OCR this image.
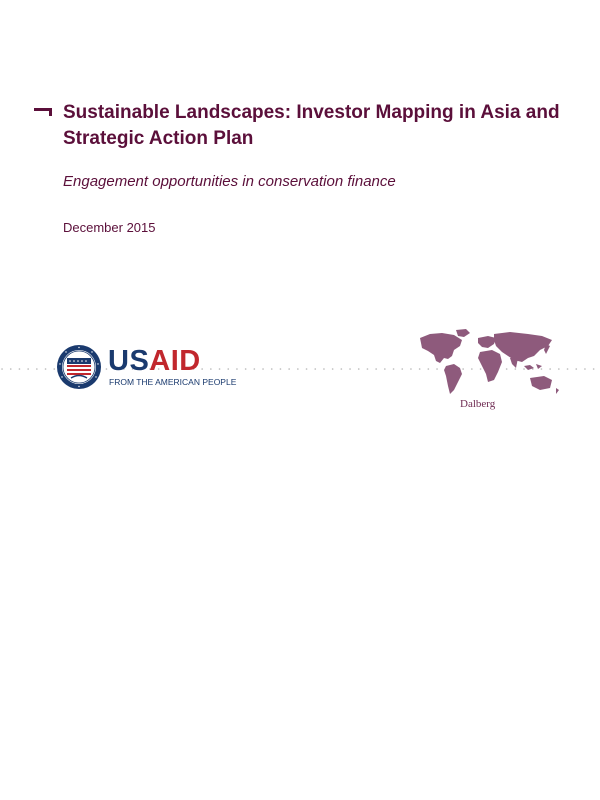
Sustainable Landscapes: Investor Mapping in Asia and Strategic Action Plan

Engagement opportunities in conservation finance

December 2015

USAID
FROM THE AMERICAN PEOPLE
Dalberg
